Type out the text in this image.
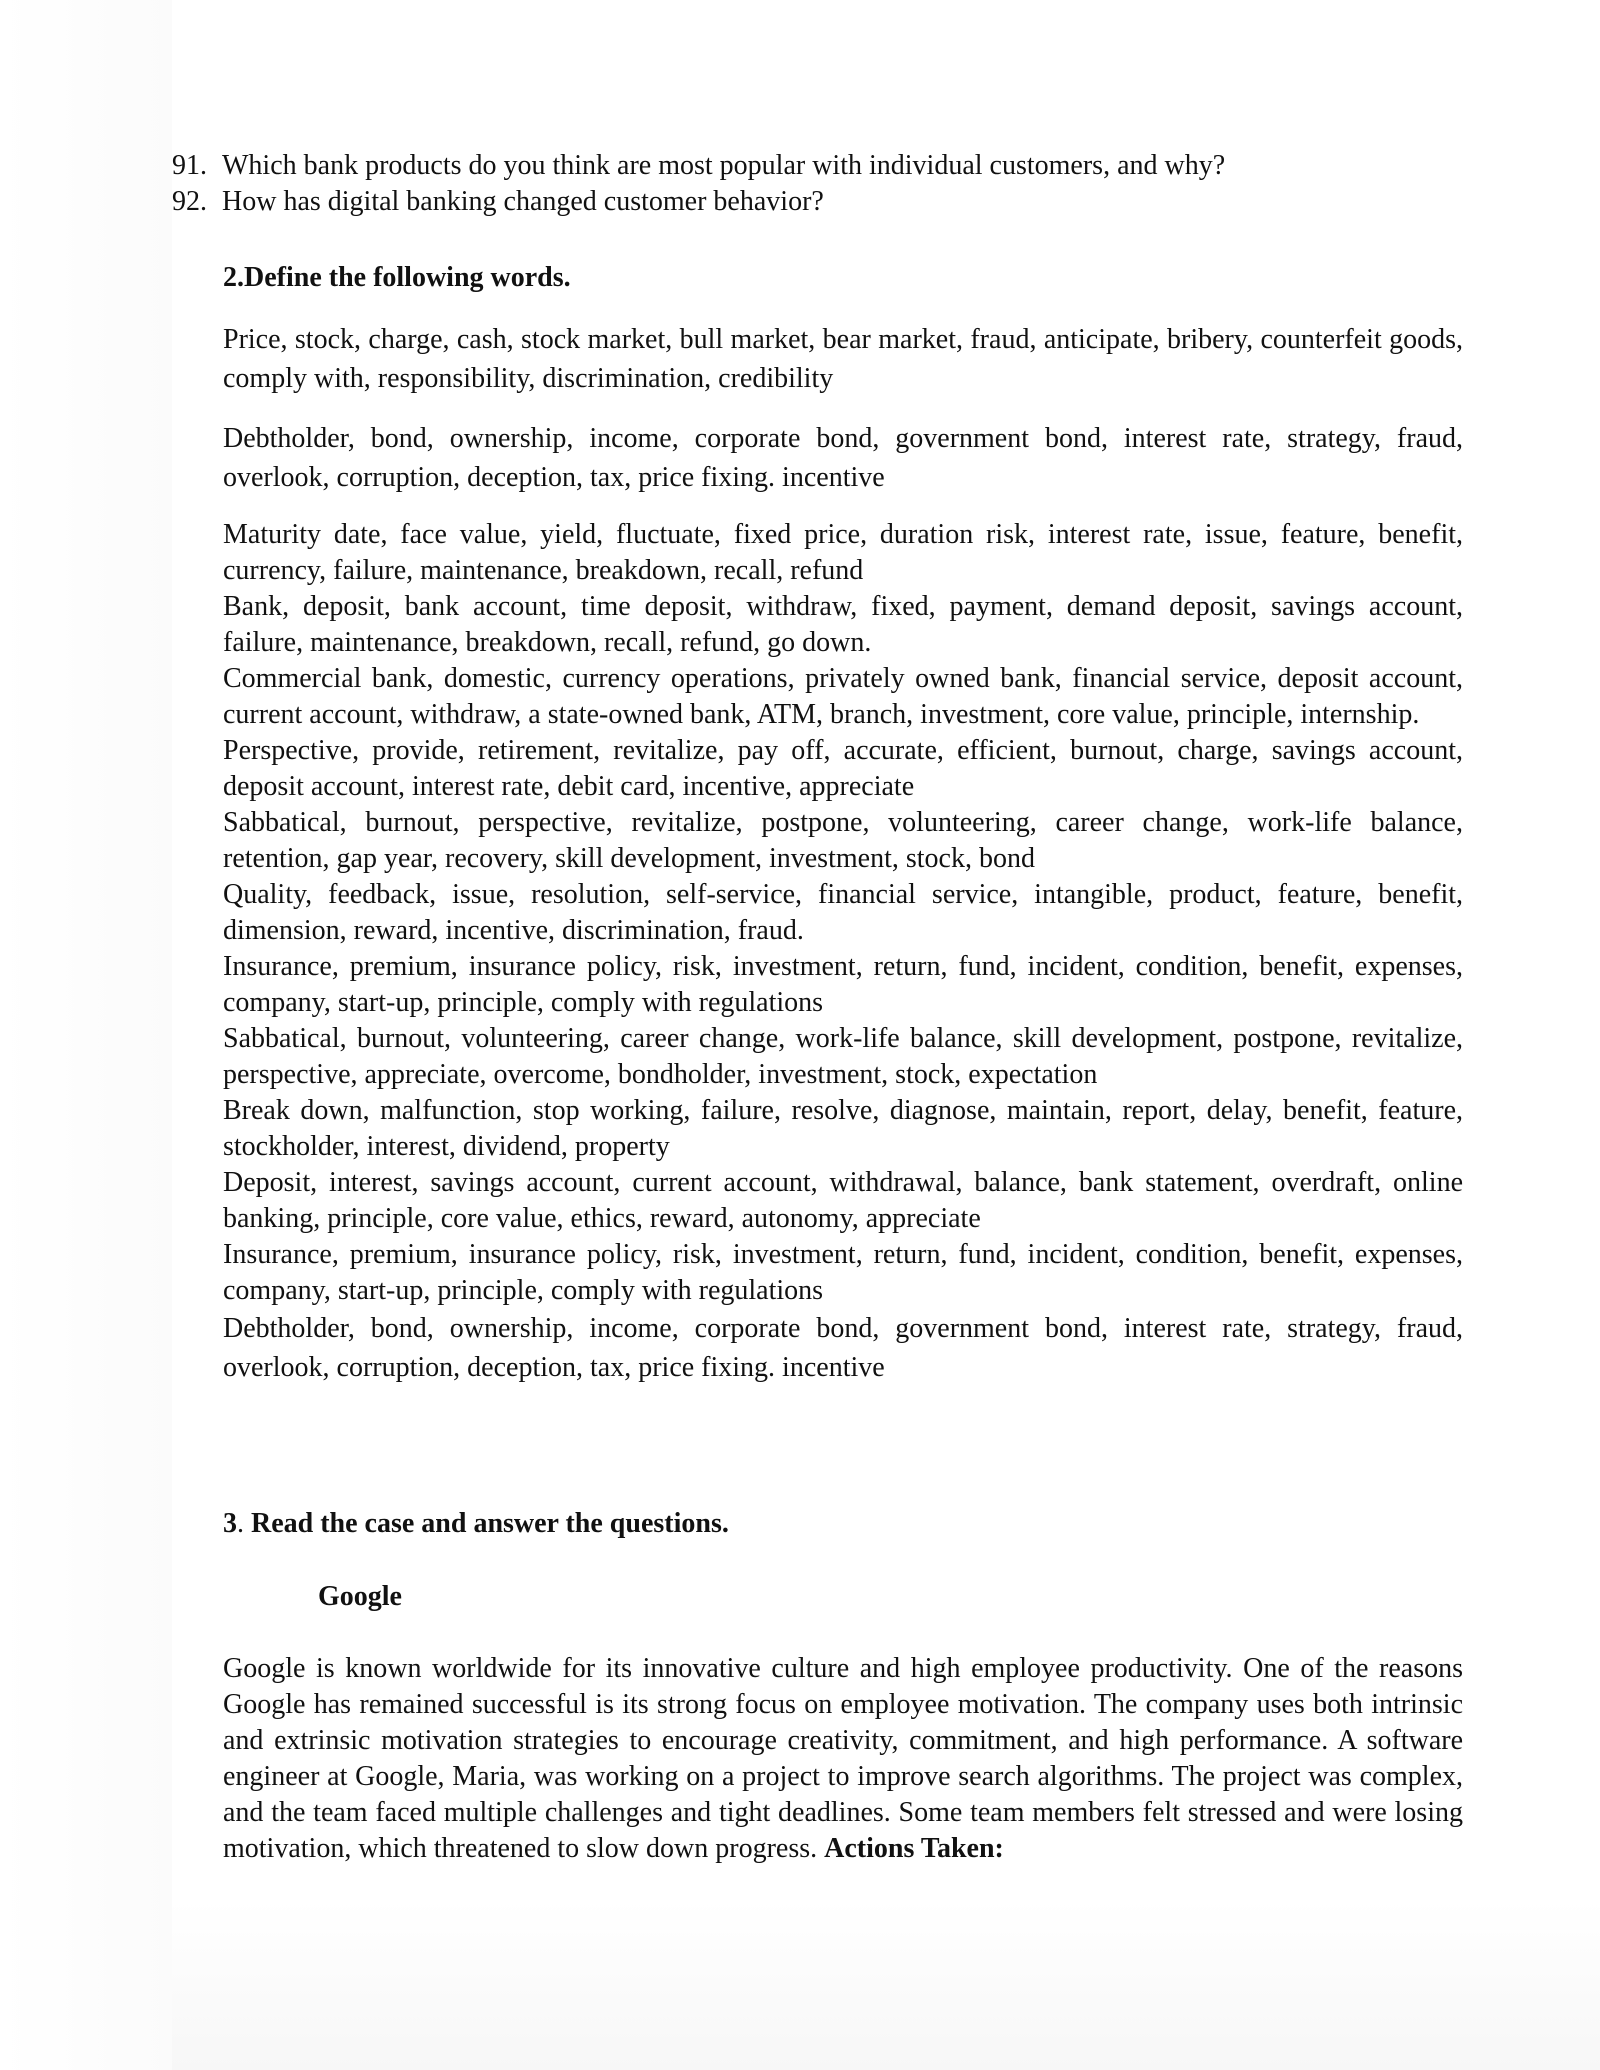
91. Which bank products do you think are most popular with individual customers, and why?
92. How has digital banking changed customer behavior?
2.Define the following words.
Price, stock, charge, cash, stock market, bull market, bear market, fraud, anticipate, bribery, counterfeit goods, comply with, responsibility, discrimination, credibility
Debtholder, bond, ownership, income, corporate bond, government bond, interest rate, strategy, fraud, overlook, corruption, deception, tax, price fixing. incentive

Maturity date, face value, yield, fluctuate, fixed price, duration risk, interest rate, issue, feature, benefit, currency, failure, maintenance, breakdown, recall, refund

Bank, deposit, bank account, time deposit, withdraw, fixed, payment, demand deposit, savings account, failure, maintenance, breakdown, recall, refund, go down.

Commercial bank, domestic, currency operations, privately owned bank, financial service, deposit account, current account, withdraw, a state-owned bank, ATM, branch, investment, core value, principle, internship.

Perspective, provide, retirement, revitalize, pay off, accurate, efficient, burnout, charge, savings account, deposit account, interest rate, debit card, incentive, appreciate

Sabbatical, burnout, perspective, revitalize, postpone, volunteering, career change, work-life balance, retention, gap year, recovery, skill development, investment, stock, bond

Quality, feedback, issue, resolution, self-service, financial service, intangible, product, feature, benefit, dimension, reward, incentive, discrimination, fraud.

Insurance, premium, insurance policy, risk, investment, return, fund, incident, condition, benefit, expenses, company, start-up, principle, comply with regulations

Sabbatical, burnout, volunteering, career change, work-life balance, skill development, postpone, revitalize, perspective, appreciate, overcome, bondholder, investment, stock, expectation

Break down, malfunction, stop working, failure, resolve, diagnose, maintain, report, delay, benefit, feature, stockholder, interest, dividend, property

Deposit, interest, savings account, current account, withdrawal, balance, bank statement, overdraft, online banking, principle, core value, ethics, reward, autonomy, appreciate

Insurance, premium, insurance policy, risk, investment, return, fund, incident, condition, benefit, expenses, company, start-up, principle, comply with regulations

Debtholder, bond, ownership, income, corporate bond, government bond, interest rate, strategy, fraud, overlook, corruption, deception, tax, price fixing. incentive

3. Read the case and answer the questions.
Google
Google is known worldwide for its innovative culture and high employee productivity. One of the reasons Google has remained successful is its strong focus on employee motivation. The company uses both intrinsic and extrinsic motivation strategies to encourage creativity, commitment, and high performance. A software engineer at Google, Maria, was working on a project to improve search algorithms. The project was complex, and the team faced multiple challenges and tight deadlines. Some team members felt stressed and were losing motivation, which threatened to slow down progress. Actions Taken:
